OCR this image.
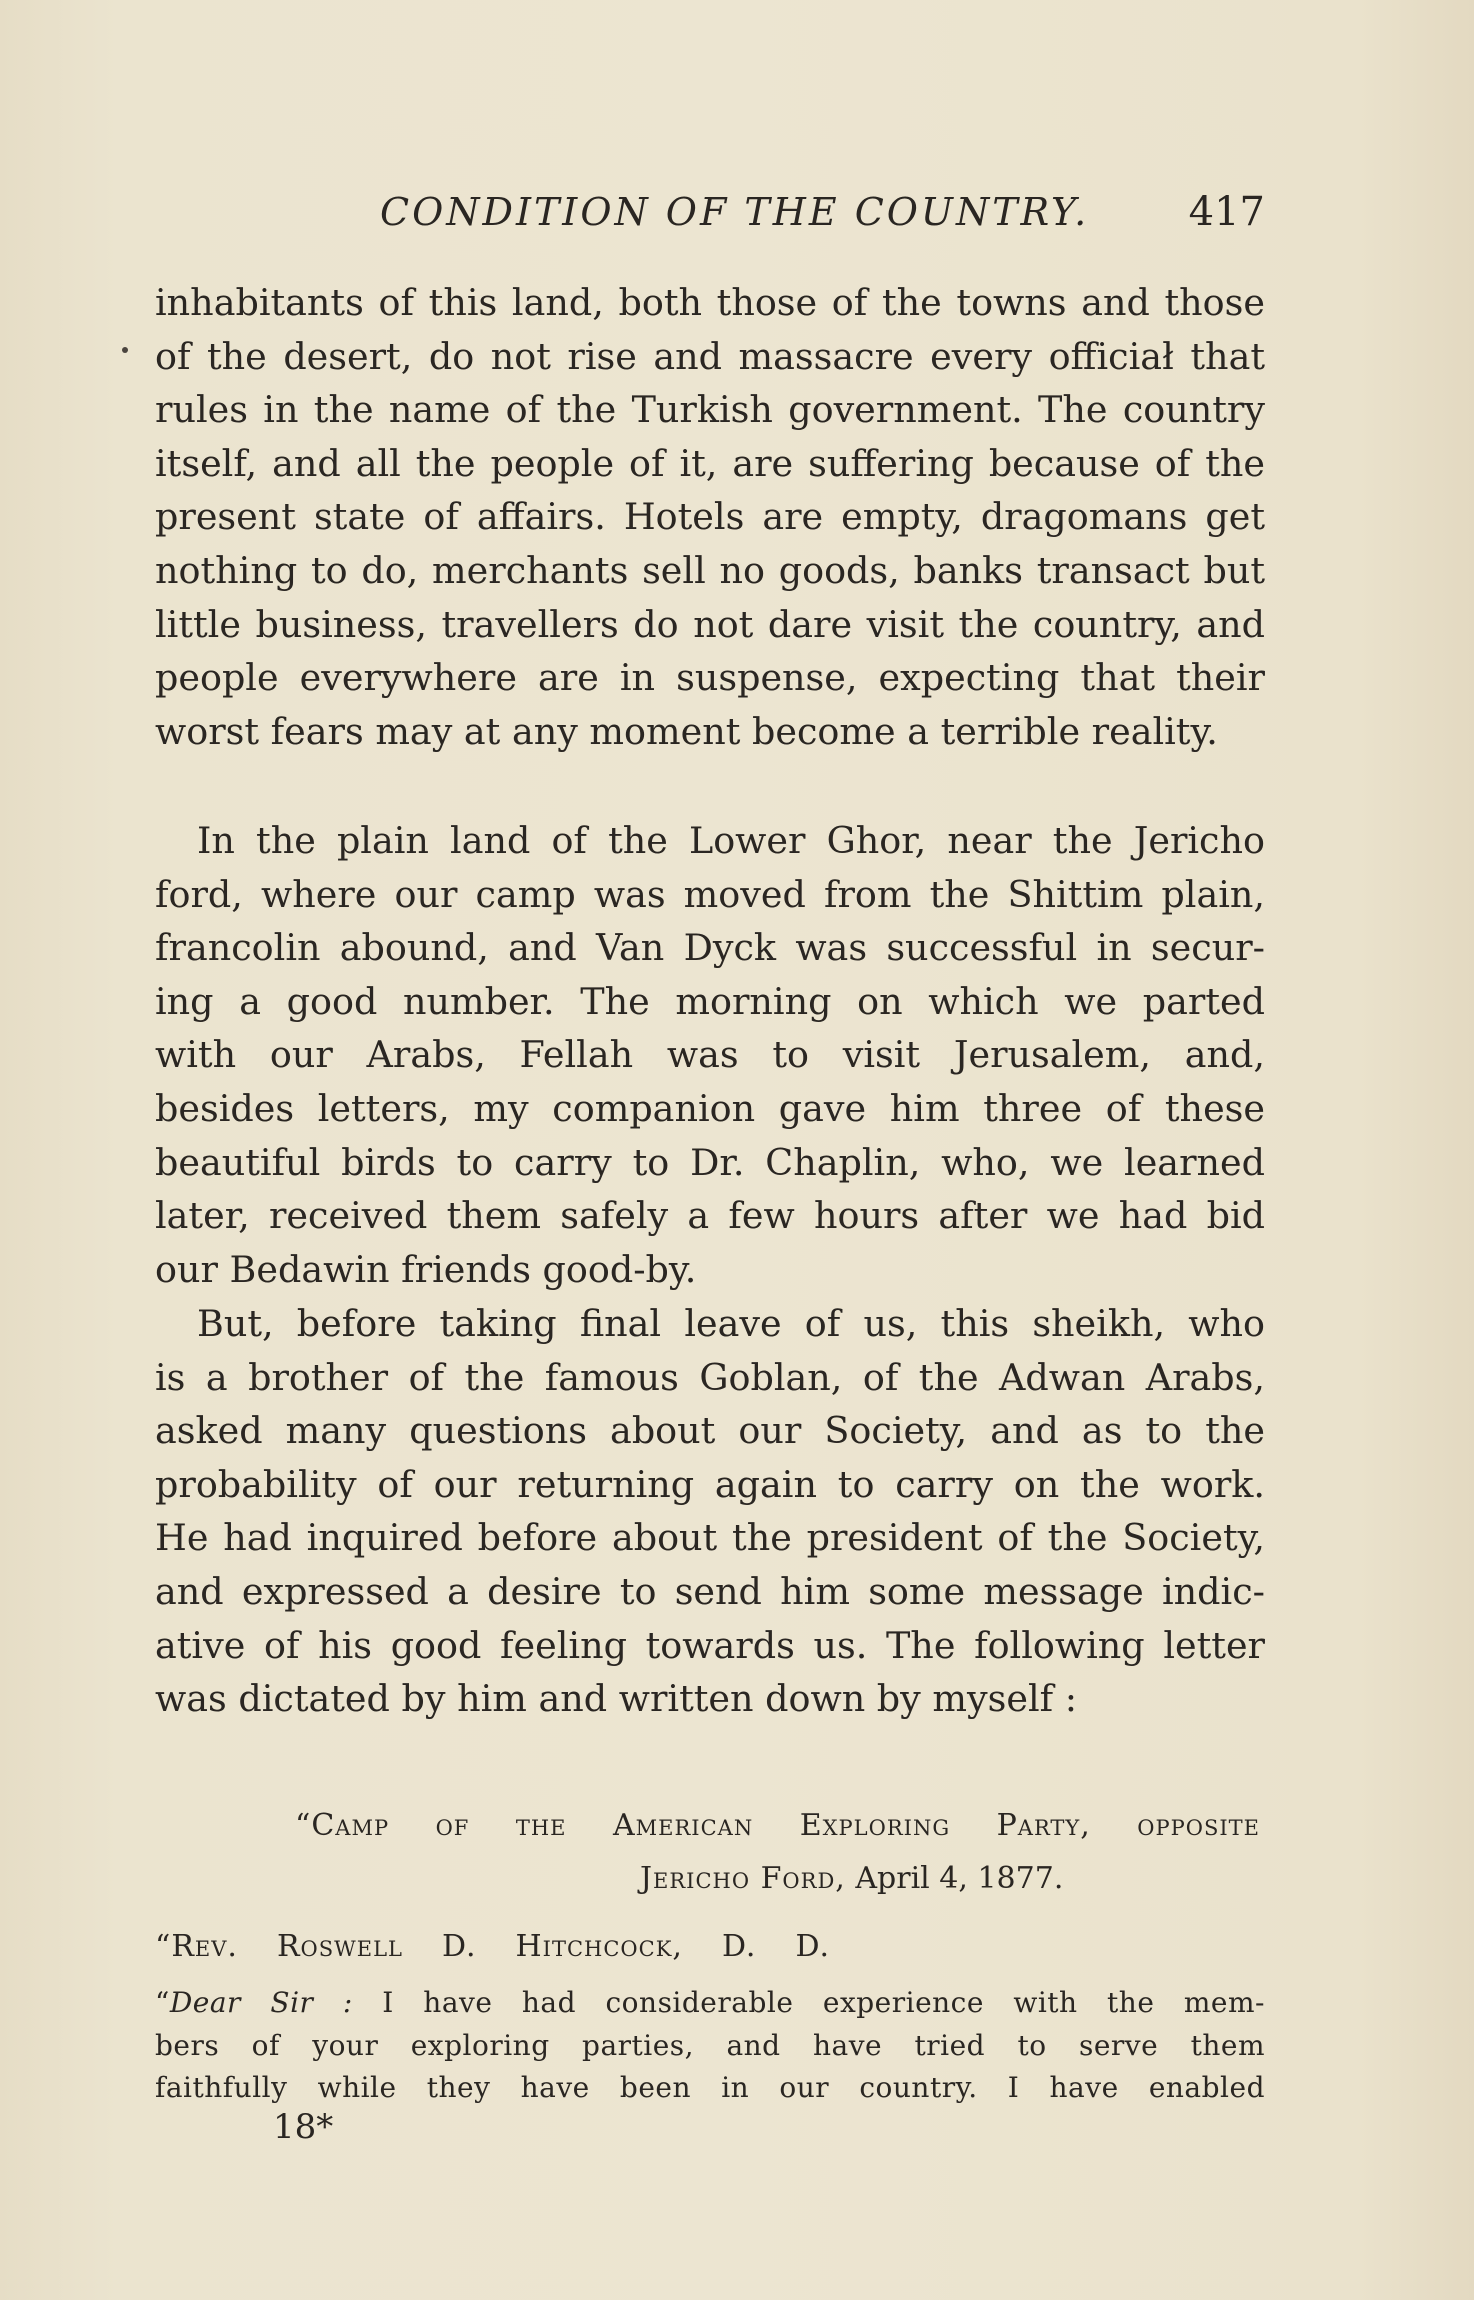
CONDITION OF THE COUNTRY. 417
inhabitants of this land, both those of the towns and those
of the desert, do not rise and massacre every officiał that
rules in the name of the Turkish government. The country
itself, and all the people of it, are suffering because of the
present state of affairs. Hotels are empty, dragomans get
nothing to do, merchants sell no goods, banks transact but
little business, travellers do not dare visit the country, and
people everywhere are in suspense, expecting that their
worst fears may at any moment become a terrible reality.
In the plain land of the Lower Ghor, near the Jericho
ford, where our camp was moved from the Shittim plain,
francolin abound, and Van Dyck was successful in secur-
ing a good number. The morning on which we parted
with our Arabs, Fellah was to visit Jerusalem, and,
besides letters, my companion gave him three of these
beautiful birds to carry to Dr. Chaplin, who, we learned
later, received them safely a few hours after we had bid
our Bedawin friends good-by.
But, before taking final leave of us, this sheikh, who
is a brother of the famous Goblan, of the Adwan Arabs,
asked many questions about our Society, and as to the
probability of our returning again to carry on the work.
He had inquired before about the president of the Society,
and expressed a desire to send him some message indic-
ative of his good feeling towards us. The following letter
was dictated by him and written down by myself :
“Camp of the American Exploring Party, opposite
Jericho Ford, April 4, 1877.
“Rev. Roswell D. Hitchcock, D. D.
“Dear Sir : I have had considerable experience with the mem-
bers of your exploring parties, and have tried to serve them
faithfully while they have been in our country. I have enabled
18*
